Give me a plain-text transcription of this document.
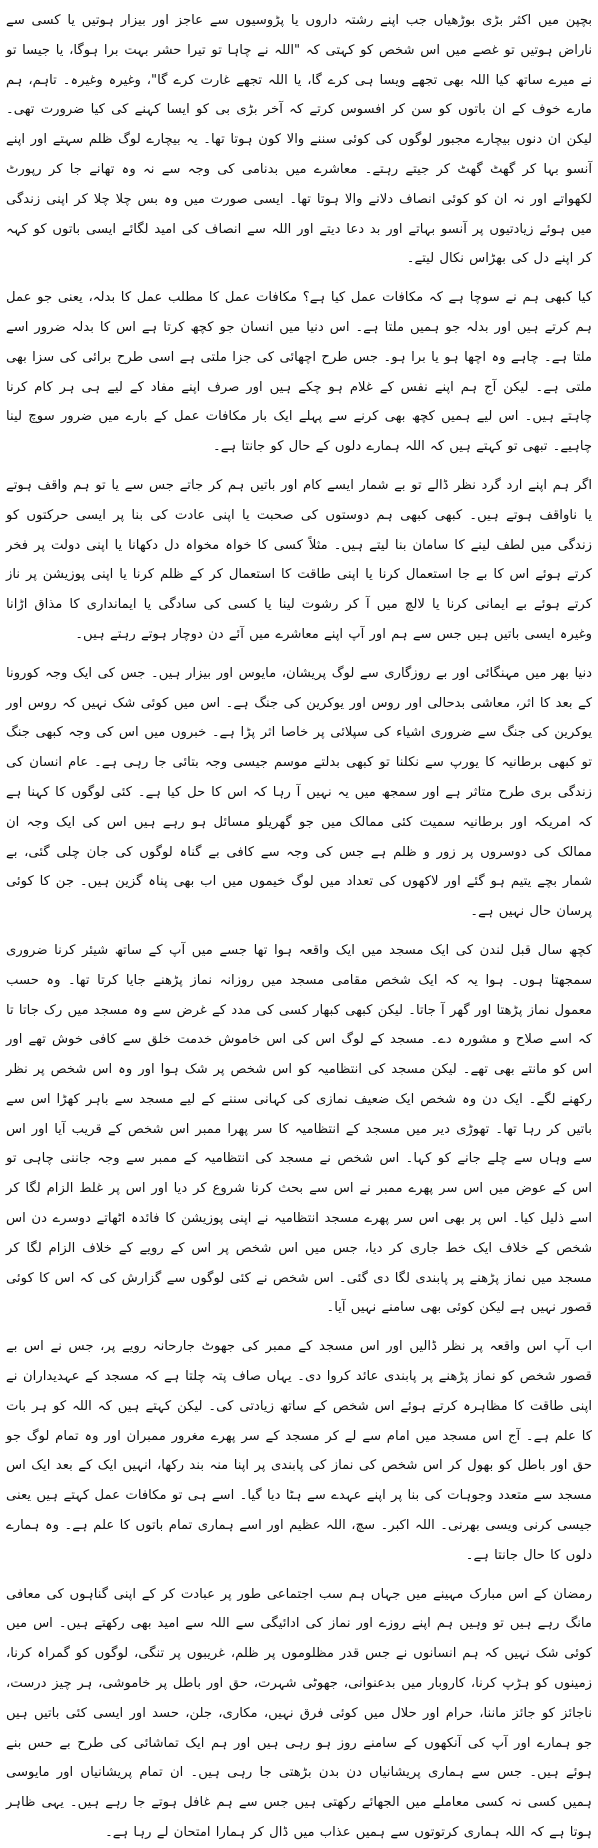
بچپن میں اکثر بڑی بوڑھیاں جب اپنے رشتہ داروں یا پڑوسیوں سے عاجز اور بیزار ہوتیں یا کسی سے ناراض ہوتیں تو غصے میں اس شخص کو کہتی کہ "اللہ نے چاہا تو تیرا حشر بہت برا ہوگا، یا جیسا تو نے میرے ساتھ کیا اللہ بھی تجھے ویسا ہی کرے گا، یا اللہ تجھے غارت کرے گا"، وغیرہ وغیرہ۔ تاہم، ہم مارے خوف کے ان باتوں کو سن کر افسوس کرتے کہ آخر بڑی بی کو ایسا کہنے کی کیا ضرورت تھی۔ لیکن ان دنوں بیچارے مجبور لوگوں کی کوئی سننے والا کون ہوتا تھا۔ یہ بیچارے لوگ ظلم سہتے اور اپنے آنسو بہا کر گھٹ گھٹ کر جیتے رہتے۔ معاشرے میں بدنامی کی وجہ سے نہ وہ تھانے جا کر رپورٹ لکھواتے اور نہ ان کو کوئی انصاف دلانے والا ہوتا تھا۔ ایسی صورت میں وہ بس چلا چلا کر اپنی زندگی میں ہوئے زیادتیوں پر آنسو بہاتے اور بد دعا دیتے اور اللہ سے انصاف کی امید لگائے ایسی باتوں کو کہہ کر اپنے دل کی بھڑاس نکال لیتے۔

کیا کبھی ہم نے سوچا ہے کہ مکافات عمل کیا ہے؟ مکافات عمل کا مطلب عمل کا بدلہ، یعنی جو عمل ہم کرتے ہیں اور بدلہ جو ہمیں ملتا ہے۔ اس دنیا میں انسان جو کچھ کرتا ہے اس کا بدلہ ضرور اسے ملتا ہے۔ چاہے وہ اچھا ہو یا برا ہو۔ جس طرح اچھائی کی جزا ملتی ہے اسی طرح برائی کی سزا بھی ملتی ہے۔ لیکن آج ہم اپنے نفس کے غلام ہو چکے ہیں اور صرف اپنے مفاد کے لیے ہی ہر کام کرنا چاہتے ہیں۔ اس لیے ہمیں کچھ بھی کرنے سے پہلے ایک بار مکافات عمل کے بارے میں ضرور سوچ لینا چاہیے۔ تبھی تو کہتے ہیں کہ اللہ ہمارے دلوں کے حال کو جانتا ہے۔

اگر ہم اپنے ارد گرد نظر ڈالے تو بے شمار ایسے کام اور باتیں ہم کر جاتے جس سے یا تو ہم واقف ہوتے یا ناواقف ہوتے ہیں۔ کبھی کبھی ہم دوستوں کی صحبت یا اپنی عادت کی بنا پر ایسی حرکتوں کو زندگی میں لطف لینے کا سامان بنا لیتے ہیں۔ مثلاً کسی کا خواہ مخواہ دل دکھانا یا اپنی دولت پر فخر کرتے ہوئے اس کا بے جا استعمال کرنا یا اپنی طاقت کا استعمال کر کے ظلم کرنا یا اپنی پوزیشن پر ناز کرتے ہوئے بے ایمانی کرنا یا لالچ میں آ کر رشوت لینا یا کسی کی سادگی یا ایمانداری کا مذاق اڑانا وغیرہ ایسی باتیں ہیں جس سے ہم اور آپ اپنے معاشرے میں آئے دن دوچار ہوتے رہتے ہیں۔

دنیا بھر میں مہنگائی اور بے روزگاری سے لوگ پریشان، مایوس اور بیزار ہیں۔ جس کی ایک وجہ کورونا کے بعد کا اثر، معاشی بدحالی اور روس اور یوکرین کی جنگ ہے۔ اس میں کوئی شک نہیں کہ روس اور یوکرین کی جنگ سے ضروری اشیاء کی سپلائی پر خاصا اثر پڑا ہے۔ خبروں میں اس کی وجہ کبھی جنگ تو کبھی برطانیہ کا یورپ سے نکلنا تو کبھی بدلتے موسم جیسی وجہ بتائی جا رہی ہے۔ عام انسان کی زندگی بری طرح متاثر ہے اور سمجھ میں یہ نہیں آ رہا کہ اس کا حل کیا ہے۔ کئی لوگوں کا کہنا ہے کہ امریکہ اور برطانیہ سمیت کئی ممالک میں جو گھریلو مسائل ہو رہے ہیں اس کی ایک وجہ ان ممالک کی دوسروں پر زور و ظلم ہے جس کی وجہ سے کافی بے گناہ لوگوں کی جان چلی گئی، بے شمار بچے یتیم ہو گئے اور لاکھوں کی تعداد میں لوگ خیموں میں اب بھی پناہ گزین ہیں۔ جن کا کوئی پرسان حال نہیں ہے۔

کچھ سال قبل لندن کی ایک مسجد میں ایک واقعہ ہوا تھا جسے میں آپ کے ساتھ شیئر کرنا ضروری سمجھتا ہوں۔ ہوا یہ کہ ایک شخص مقامی مسجد میں روزانہ نماز پڑھنے جایا کرتا تھا۔ وہ حسب معمول نماز پڑھتا اور گھر آ جاتا۔ لیکن کبھی کبھار کسی کی مدد کے غرض سے وہ مسجد میں رک جاتا تا کہ اسے صلاح و مشورہ دے۔ مسجد کے لوگ اس کی اس خاموش خدمت خلق سے کافی خوش تھے اور اس کو مانتے بھی تھے۔ لیکن مسجد کی انتظامیہ کو اس شخص پر شک ہوا اور وہ اس شخص پر نظر رکھنے لگے۔ ایک دن وہ شخص ایک ضعیف نمازی کی کہانی سننے کے لیے مسجد سے باہر کھڑا اس سے باتیں کر رہا تھا۔ تھوڑی دیر میں مسجد کے انتظامیہ کا سر پھرا ممبر اس شخص کے قریب آیا اور اس سے وہاں سے چلے جانے کو کہا۔ اس شخص نے مسجد کی انتظامیہ کے ممبر سے وجہ جاننی چاہی تو اس کے عوض میں اس سر پھرے ممبر نے اس سے بحث کرنا شروع کر دیا اور اس پر غلط الزام لگا کر اسے ذلیل کیا۔ اس پر بھی اس سر پھرے مسجد انتظامیہ نے اپنی پوزیشن کا فائدہ اٹھاتے دوسرے دن اس شخص کے خلاف ایک خط جاری کر دیا، جس میں اس شخص پر اس کے رویے کے خلاف الزام لگا کر مسجد میں نماز پڑھنے پر پابندی لگا دی گئی۔ اس شخص نے کئی لوگوں سے گزارش کی کہ اس کا کوئی قصور نہیں ہے لیکن کوئی بھی سامنے نہیں آیا۔

اب آپ اس واقعہ پر نظر ڈالیں اور اس مسجد کے ممبر کی جھوٹ جارحانہ رویے پر، جس نے اس بے قصور شخص کو نماز پڑھنے پر پابندی عائد کروا دی۔ یہاں صاف پتہ چلتا ہے کہ مسجد کے عہدیداران نے اپنی طاقت کا مظاہرہ کرتے ہوئے اس شخص کے ساتھ زیادتی کی۔ لیکن کہتے ہیں کہ اللہ کو ہر بات کا علم ہے۔ آج اس مسجد میں امام سے لے کر مسجد کے سر پھرے مغرور ممبران اور وہ تمام لوگ جو حق اور باطل کو بھول کر اس شخص کی نماز کی پابندی پر اپنا منہ بند رکھا، انہیں ایک کے بعد ایک اس مسجد سے متعدد وجوہات کی بنا پر اپنے عہدے سے ہٹا دیا گیا۔ اسے ہی تو مکافات عمل کہتے ہیں یعنی جیسی کرنی ویسی بھرنی۔ اللہ اکبر۔ سچ، اللہ عظیم اور اسے ہماری تمام باتوں کا علم ہے۔ وہ ہمارے دلوں کا حال جانتا ہے۔

رمضان کے اس مبارک مہینے میں جہاں ہم سب اجتماعی طور پر عبادت کر کے اپنی گناہوں کی معافی مانگ رہے ہیں تو وہیں ہم اپنے روزے اور نماز کی ادائیگی سے اللہ سے امید بھی رکھتے ہیں۔ اس میں کوئی شک نہیں کہ ہم انسانوں نے جس قدر مظلوموں پر ظلم، غریبوں پر تنگی، لوگوں کو گمراہ کرنا، زمینوں کو ہڑپ کرنا، کاروبار میں بدعنوانی، جھوٹی شہرت، حق اور باطل پر خاموشی، ہر چیز درست، ناجائز کو جائز ماننا، حرام اور حلال میں کوئی فرق نہیں، مکاری، جلن، حسد اور ایسی کئی باتیں ہیں جو ہمارے اور آپ کی آنکھوں کے سامنے روز ہو رہی ہیں اور ہم ایک تماشائی کی طرح بے حس بنے ہوئے ہیں۔ جس سے ہماری پریشانیاں دن بدن بڑھتی جا رہی ہیں۔ ان تمام پریشانیاں اور مایوسی ہمیں کسی نہ کسی معاملے میں الجھائے رکھتی ہیں جس سے ہم غافل ہوتے جا رہے ہیں۔ یہی ظاہر ہوتا ہے کہ اللہ ہماری کرتوتوں سے ہمیں عذاب میں ڈال کر ہمارا امتحان لے رہا ہے۔
